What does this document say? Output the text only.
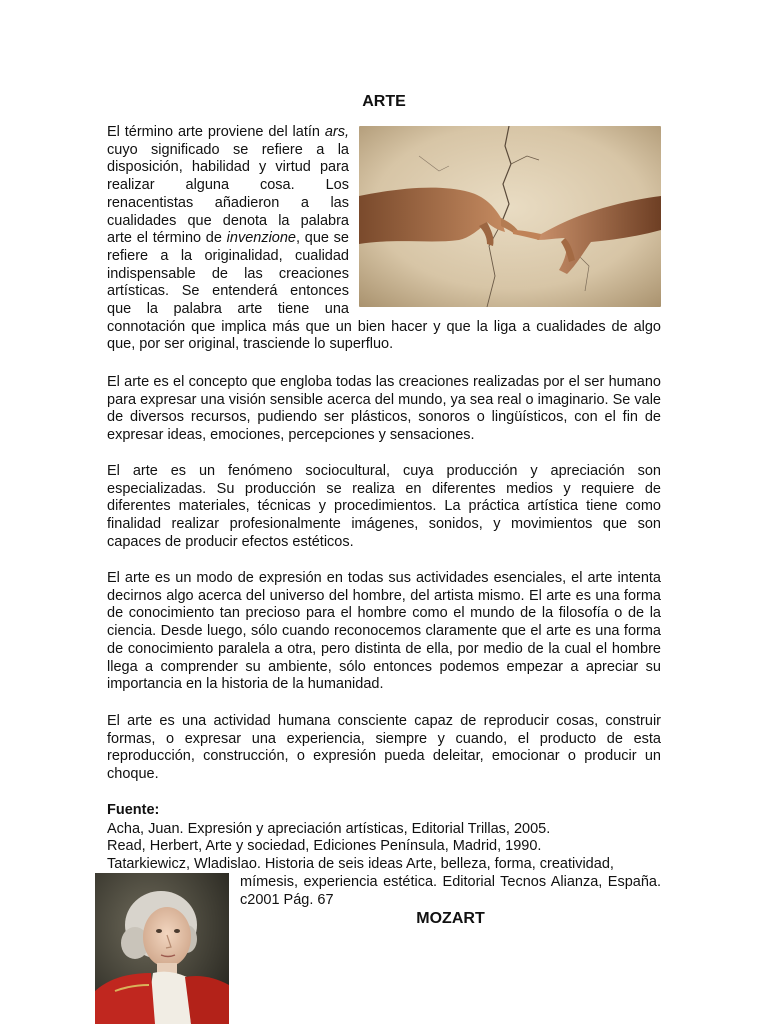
ARTE

El término arte proviene del latín ars, cuyo significado se refiere a la disposición, habilidad y virtud para realizar alguna cosa. Los renacentistas añadieron a las cualidades que denota la palabra arte el término de invenzione, que se refiere a la originalidad, cualidad indispensable de las creaciones artísticas. Se entenderá entonces que la palabra arte tiene una connotación que implica más que un bien hacer y que la liga a cualidades de algo que, por ser original, trasciende lo superfluo.

El arte es el concepto que engloba todas las creaciones realizadas por el ser humano para expresar una visión sensible acerca del mundo, ya sea real o imaginario. Se vale de diversos recursos, pudiendo ser plásticos, sonoros o lingüísticos, con el fin de expresar ideas, emociones, percepciones y sensaciones.

El arte es un fenómeno sociocultural, cuya producción y apreciación son especializadas. Su producción se realiza en diferentes medios y requiere de diferentes materiales, técnicas y procedimientos. La práctica artística tiene como finalidad realizar profesionalmente imágenes, sonidos, y movimientos que son capaces de producir efectos estéticos.

El arte es un modo de expresión en todas sus actividades esenciales, el arte intenta decirnos algo acerca del universo del hombre, del artista mismo. El arte es una forma de conocimiento tan precioso para el hombre como el mundo de la filosofía o de la ciencia. Desde luego, sólo cuando reconocemos claramente que el arte es una forma de conocimiento paralela a otra, pero distinta de ella, por medio de la cual el hombre llega a comprender su ambiente, sólo entonces podemos empezar a apreciar su importancia en la historia de la humanidad.

El arte es una actividad humana consciente capaz de reproducir cosas, construir formas, o expresar una experiencia, siempre y cuando, el producto de esta reproducción, construcción, o expresión pueda deleitar, emocionar o producir un choque.

Fuente:
Acha, Juan. Expresión y apreciación artísticas, Editorial Trillas, 2005.
Read, Herbert, Arte y sociedad, Ediciones Península, Madrid, 1990.
Tatarkiewicz, Wladislao. Historia de seis ideas Arte, belleza, forma, creatividad,
mímesis, experiencia estética. Editorial Tecnos Alianza, España. c2001 Pág. 67
MOZART
